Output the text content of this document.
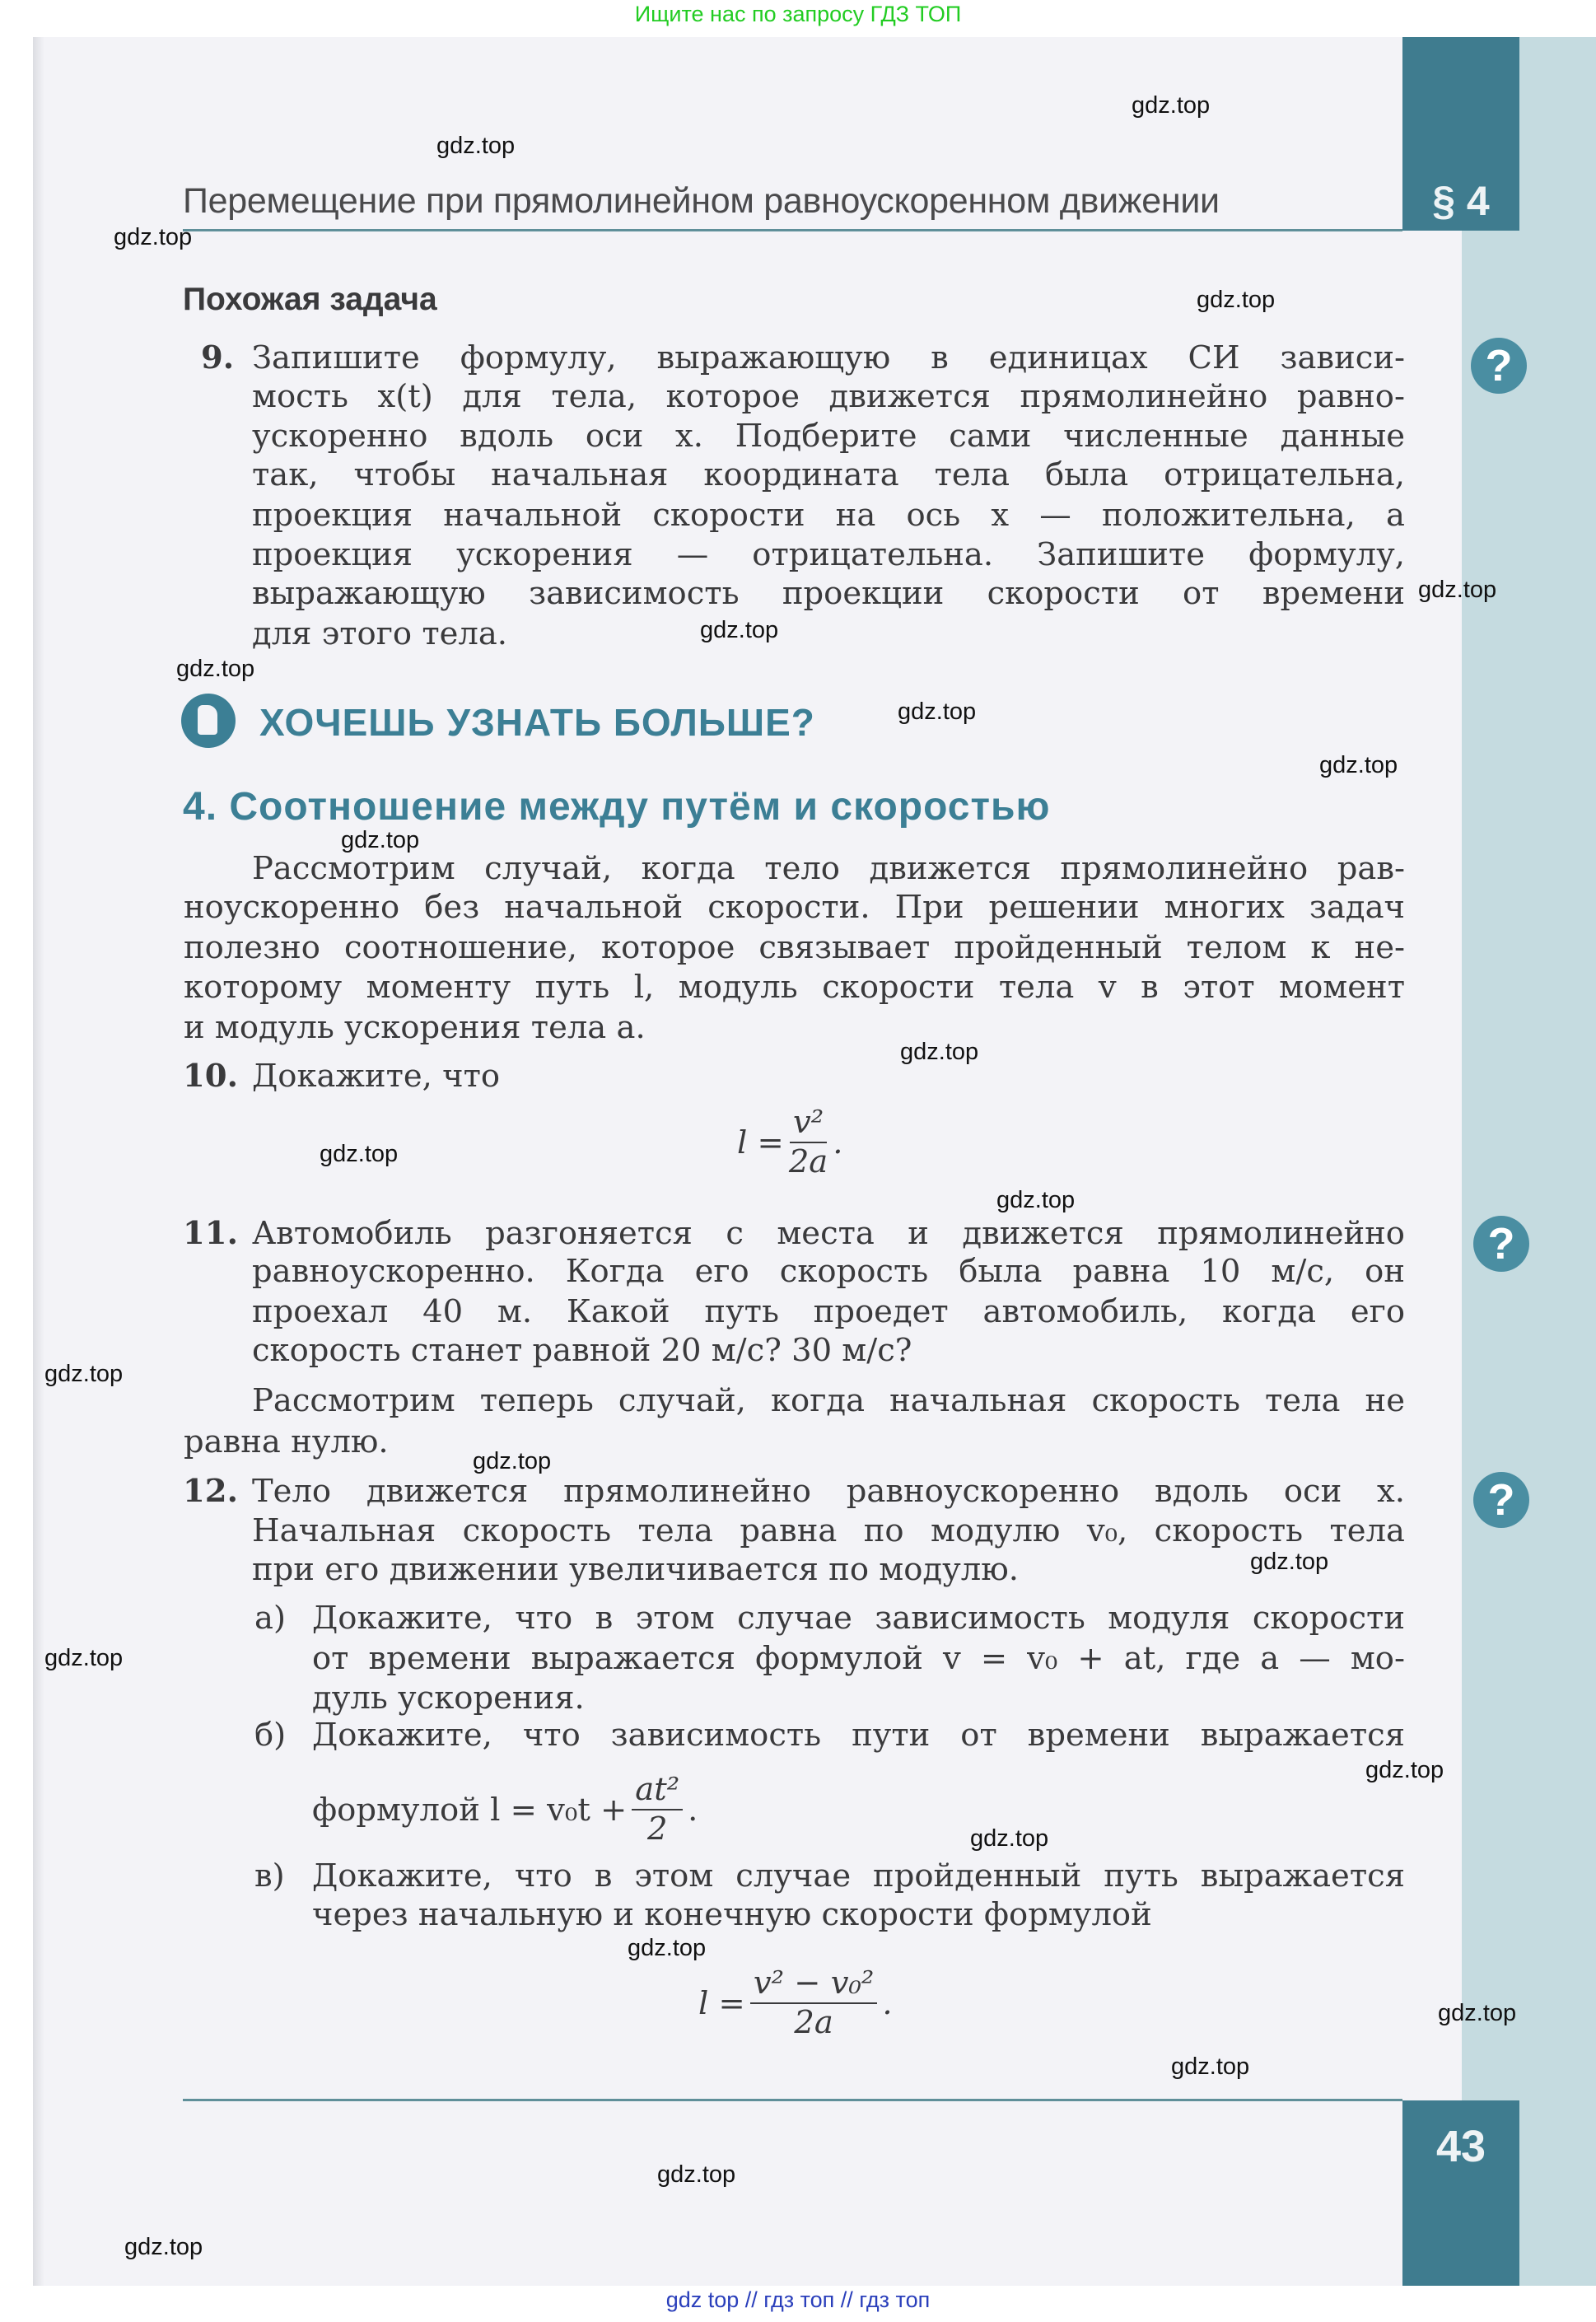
Ищите нас по запросу ГДЗ ТОП
Перемещение при прямолинейном равноускоренном движении	§ 4
Похожая задача
9.
ХОЧЕШЬ УЗНАТЬ БОЛЬШЕ?
4. Соотношение между путём и скоростью
10. Докажите, что
$l = \frac{\text{v²}}{2a}$ .
11.
12.
а)
б) Докажите, что зависимость пути от времени выражается
формулой $l = v_0t + \frac{\text{at²}}{2}$ .
в)
$l = \frac{\text{v² − v₀²}}{2a}$ .
?
?
?
43
gdz top // гдз топ // гдз топ
Запишите формулу, выражающую в единицах СИ зависи-
мость x(t) для тела, которое движется прямолинейно равно-
ускоренно вдоль оси x. Подберите сами численные данные
так, чтобы начальная координата тела была отрицательна,
проекция начальной скорости на ось x — положительна, а
проекция ускорения — отрицательна. Запишите формулу,
выражающую зависимость проекции скорости от времени
для этого тела.
Рассмотрим случай, когда тело движется прямолинейно рав-
ноускоренно без начальной скорости. При решении многих задач
полезно соотношение, которое связывает пройденный телом к не-
которому моменту путь l, модуль скорости тела v в этот момент
и модуль ускорения тела a.
Автомобиль разгоняется с места и движется прямолинейно
равноускоренно. Когда его скорость была равна 10 м/с, он
проехал 40 м. Какой путь проедет автомобиль, когда его
скорость станет равной 20 м/с? 30 м/с?
Рассмотрим теперь случай, когда начальная скорость тела не
равна нулю.
Тело движется прямолинейно равноускоренно вдоль оси x.
Начальная скорость тела равна по модулю v₀, скорость тела
при его движении увеличивается по модулю.
Докажите, что в этом случае зависимость модуля скорости
от времени выражается формулой v = v₀ + at, где a — мо-
дуль ускорения.
Докажите, что в этом случае пройденный путь выражается
через начальную и конечную скорости формулой
gdz.top
gdz.top
gdz.top
gdz.top
gdz.top
gdz.top
gdz.top
gdz.top
gdz.top
gdz.top
gdz.top
gdz.top
gdz.top
gdz.top
gdz.top
gdz.top
gdz.top
gdz.top
gdz.top
gdz.top
gdz.top
gdz.top
gdz.top
gdz.top
